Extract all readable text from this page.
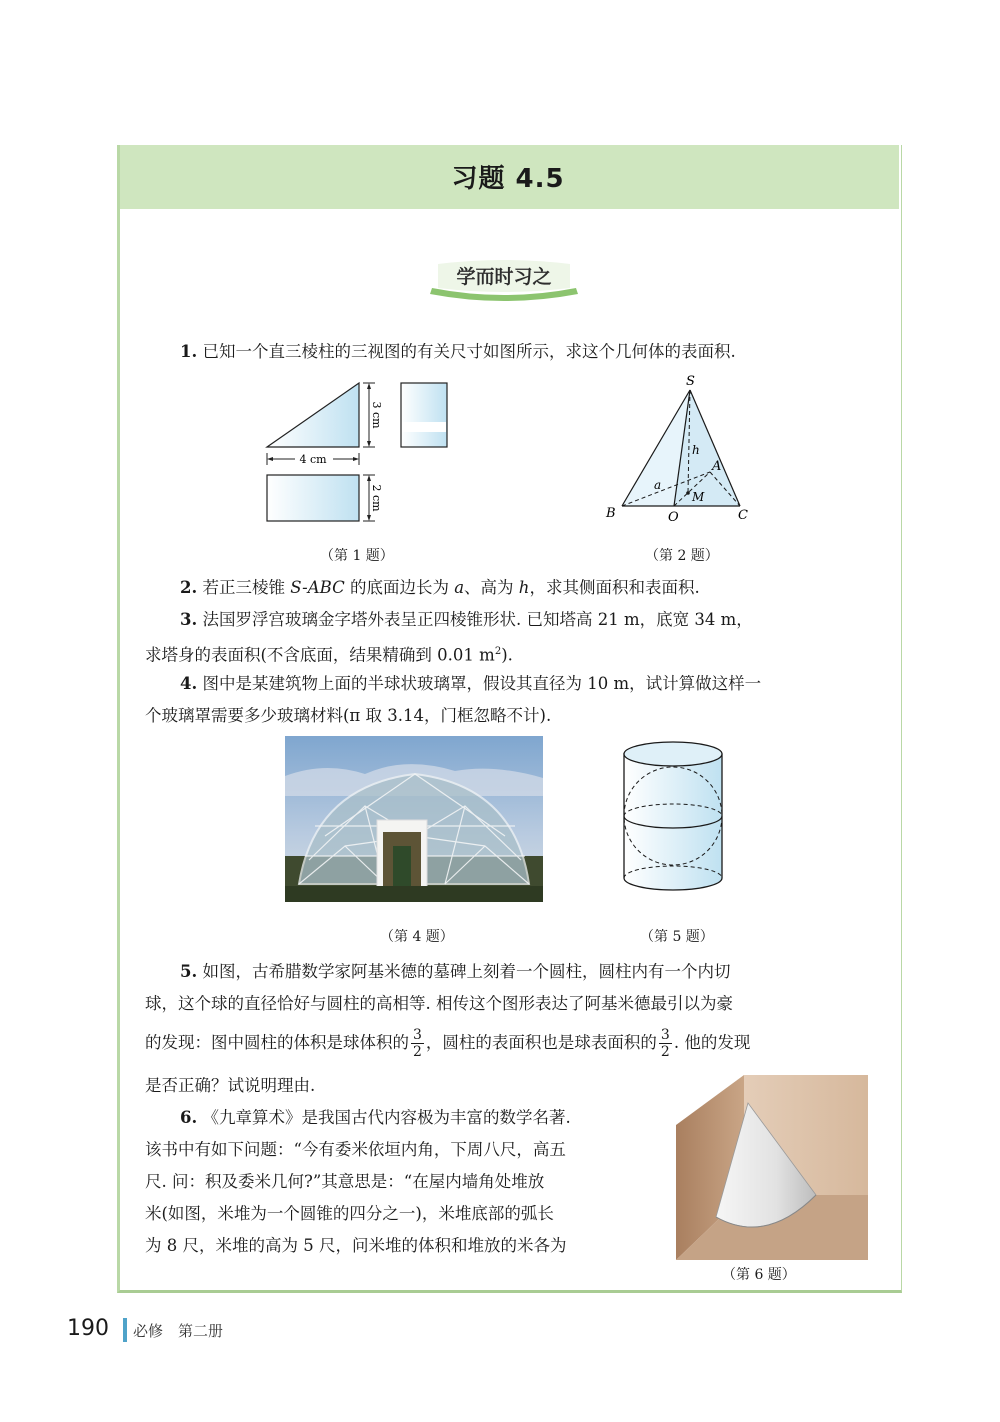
习题 4.5
学而时习之
1. 已知一个直三棱柱的三视图的有关尺寸如图所示，求这个几何体的表面积.
4 cm
3 cm
2 cm
（第 1 题）
S
A
B	C
O
M
h
a
（第 2 题）
2. 若正三棱锥 S-ABC 的底面边长为 a、高为 h，求其侧面积和表面积.
3. 法国罗浮宫玻璃金字塔外表呈正四棱锥形状. 已知塔高 21 m，底宽 34 m，
求塔身的表面积(不含底面，结果精确到 0.01 $m^2$).
4. 图中是某建筑物上面的半球状玻璃罩，假设其直径为 10 m，试计算做这样一
个玻璃罩需要多少玻璃材料(π 取 3.14，门框忽略不计).
（第 4 题）	（第 5 题）
5. 如图，古希腊数学家阿基米德的墓碑上刻着一个圆柱，圆柱内有一个内切
球，这个球的直径恰好与圆柱的高相等. 相传这个图形表达了阿基米德最引以为豪
的发现：图中圆柱的体积是球体积的 $\frac{3}{2}$ ，圆柱的表面积也是球表面积的 $\frac{3}{2}$ . 他的发现
是否正确？试说明理由.
6. 《九章算术》是我国古代内容极为丰富的数学名著.
该书中有如下问题：“今有委米依垣内角，下周八尺，高五
尺. 问：积及委米几何?”其意思是：“在屋内墙角处堆放
米(如图，米堆为一个圆锥的四分之一)，米堆底部的弧长
为 8 尺，米堆的高为 5 尺，问米堆的体积和堆放的米各为
（第 6 题）
190 必修　第二册
